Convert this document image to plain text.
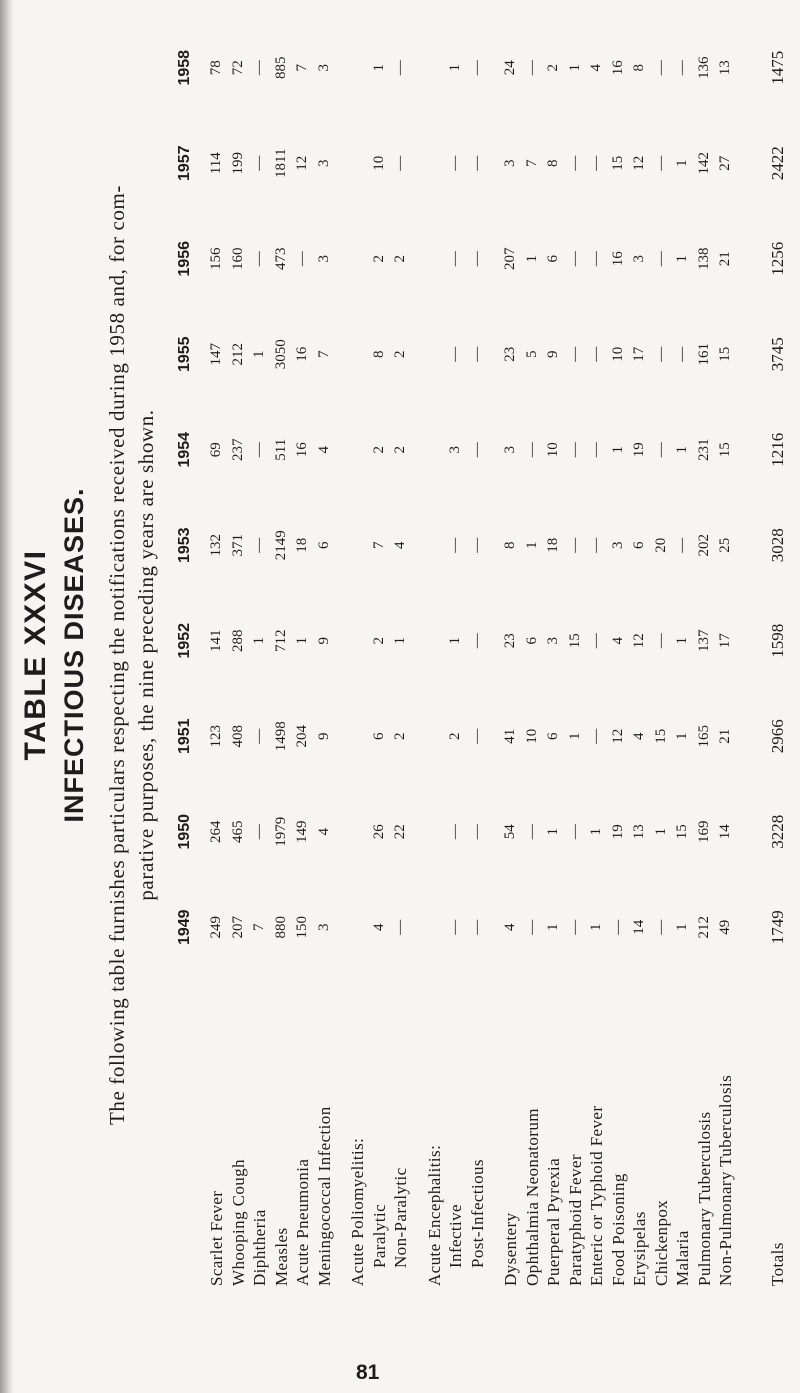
TABLE XXXVI INFECTIOUS DISEASES. The following table furnishes particulars respecting the notifications received during 1958 and, for com- parative purposes, the nine preceding years are shown.
	1949	1950	1951	1952	1953	1954	1955	1956	1957	1958
Scarlet Fever	249	264	123	141	132	69	147	156	114	78
Whooping Cough	207	465	408	288	371	237	212	160	199	72
Diphtheria	7	—	—	1	—	—	1	—	—	—
Measles	880	1979	1498	712	2149	511	3050	473	1811	885
Acute Pneumonia	150	149	204	1	18	16	16	—	12	7
Meningococcal Infection	3	4	9	9	6	4	7	3	3	3
Acute Poliomyelitis:										
Paralytic	4	26	6	2	7	2	8	2	10	1
Non-Paralytic	—	22	2	1	4	2	2	2	—	—
Acute Encephalitis:										
Infective	—	—	2	1	—	3	—	—	—	1
Post-Infectious	—	—	—	—	—	—	—	—	—	—
Dysentery	4	54	41	23	8	3	23	207	3	24
Ophthalmia Neonatorum	—	—	10	6	1	—	5	1	7	—
Puerperal Pyrexia	1	1	6	3	18	10	9	6	8	2
Paratyphoid Fever	—	—	1	15	—	—	—	—	—	1
Enteric or Typhoid Fever	1	1	—	—	—	—	—	—	—	4
Food Poisoning	—	19	12	4	3	1	10	16	15	16
Erysipelas	14	13	4	12	6	19	17	3	12	8
Chickenpox	—	1	15	—	20	—	—	—	—	—
Malaria	1	15	1	1	—	1	—	1	1	—
Pulmonary Tuberculosis	212	169	165	137	202	231	161	138	142	136
Non-Pulmonary Tuberculosis	49	14	21	17	25	15	15	21	27	13
Totals	1749	3228	2966	1598	3028	1216	3745	1256	2422	1475
81
